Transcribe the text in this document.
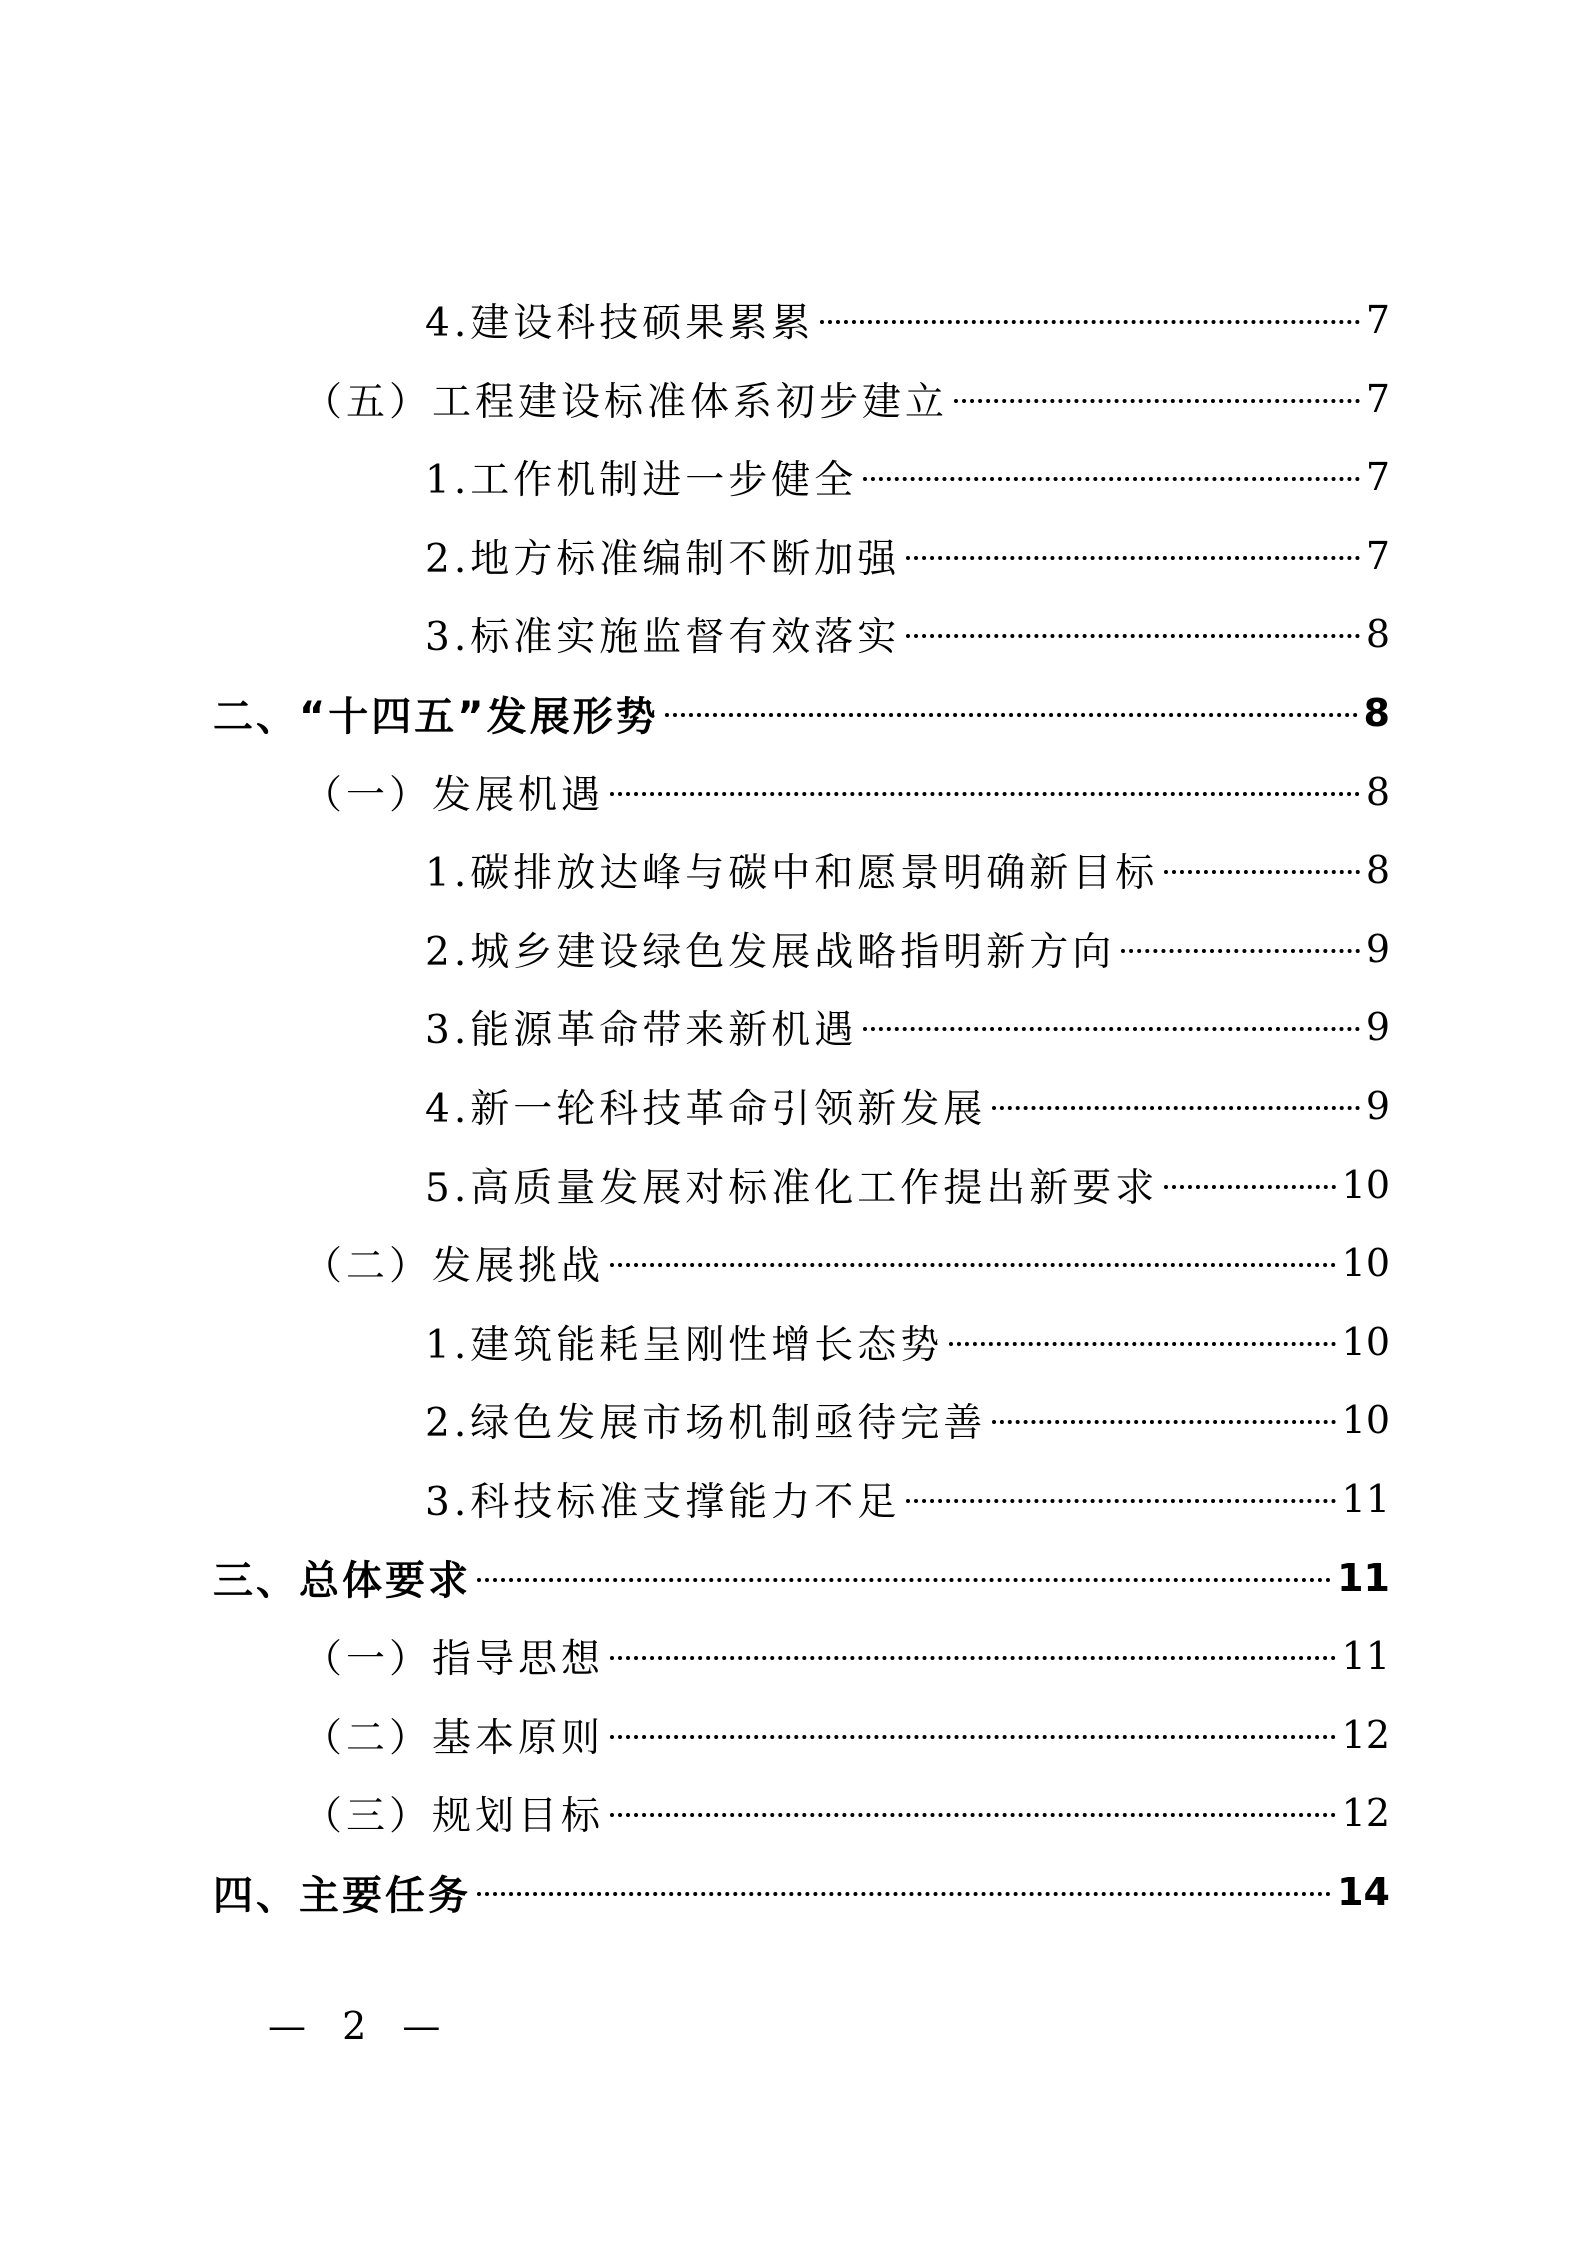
4.建设科技硕果累累	7
（五）工程建设标准体系初步建立	7
1.工作机制进一步健全	7
2.地方标准编制不断加强	7
3.标准实施监督有效落实	8
二、“十四五”发展形势	8
（一）发展机遇	8
1.碳排放达峰与碳中和愿景明确新目标	8
2.城乡建设绿色发展战略指明新方向	9
3.能源革命带来新机遇	9
4.新一轮科技革命引领新发展	9
5.高质量发展对标准化工作提出新要求	10
（二）发展挑战	10
1.建筑能耗呈刚性增长态势	10
2.绿色发展市场机制亟待完善	10
3.科技标准支撑能力不足	11
三、总体要求	11
（一）指导思想	11
（二）基本原则	12
（三）规划目标	12
四、主要任务	14
— 2 —
